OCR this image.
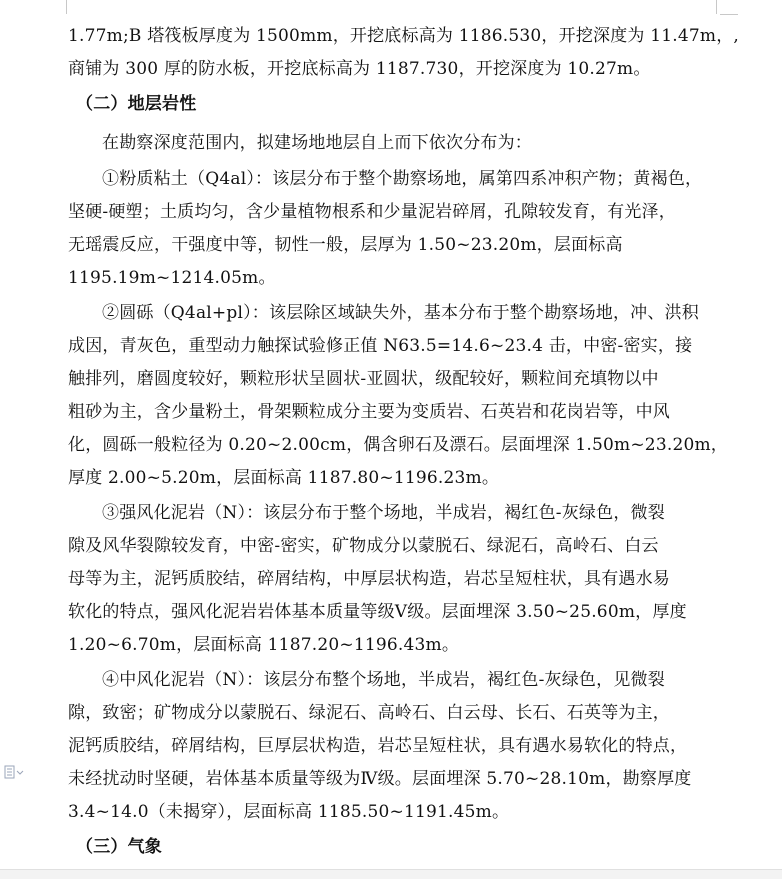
1.77m;B 塔筏板厚度为 1500mm，开挖底标高为 1186.530，开挖深度为 11.47m，,
商铺为 300 厚的防水板，开挖底标高为 1187.730，开挖深度为 10.27m。
（二）地层岩性
在勘察深度范围内，拟建场地地层自上而下依次分布为：
①粉质粘土（Q4al）：该层分布于整个勘察场地，属第四系冲积产物；黄褐色，
坚硬-硬塑；土质均匀，含少量植物根系和少量泥岩碎屑，孔隙较发育，有光泽，
无瑶震反应，干强度中等，韧性一般，层厚为 1.50~23.20m，层面标高
1195.19m~1214.05m。
②圆砾（Q4al+pl）：该层除区域缺失外，基本分布于整个勘察场地，冲、洪积
成因，青灰色，重型动力触探试验修正值 N63.5=14.6~23.4 击，中密-密实，接
触排列，磨圆度较好，颗粒形状呈圆状-亚圆状，级配较好，颗粒间充填物以中
粗砂为主，含少量粉土，骨架颗粒成分主要为变质岩、石英岩和花岗岩等，中风
化，圆砾一般粒径为 0.20~2.00cm，偶含卵石及漂石。层面埋深 1.50m~23.20m，
厚度 2.00~5.20m，层面标高 1187.80~1196.23m。
③强风化泥岩（N）：该层分布于整个场地，半成岩，褐红色-灰绿色，微裂
隙及风华裂隙较发育，中密-密实，矿物成分以蒙脱石、绿泥石，高岭石、白云
母等为主，泥钙质胶结，碎屑结构，中厚层状构造，岩芯呈短柱状，具有遇水易
软化的特点，强风化泥岩岩体基本质量等级Ⅴ级。层面埋深 3.50~25.60m，厚度
1.20~6.70m，层面标高 1187.20~1196.43m。
④中风化泥岩（N）：该层分布整个场地，半成岩，褐红色-灰绿色，见微裂
隙，致密；矿物成分以蒙脱石、绿泥石、高岭石、白云母、长石、石英等为主，
泥钙质胶结，碎屑结构，巨厚层状构造，岩芯呈短柱状，具有遇水易软化的特点，
未经扰动时坚硬，岩体基本质量等级为Ⅳ级。层面埋深 5.70~28.10m，勘察厚度
3.4~14.0（未揭穿），层面标高 1185.50~1191.45m。
（三）气象
